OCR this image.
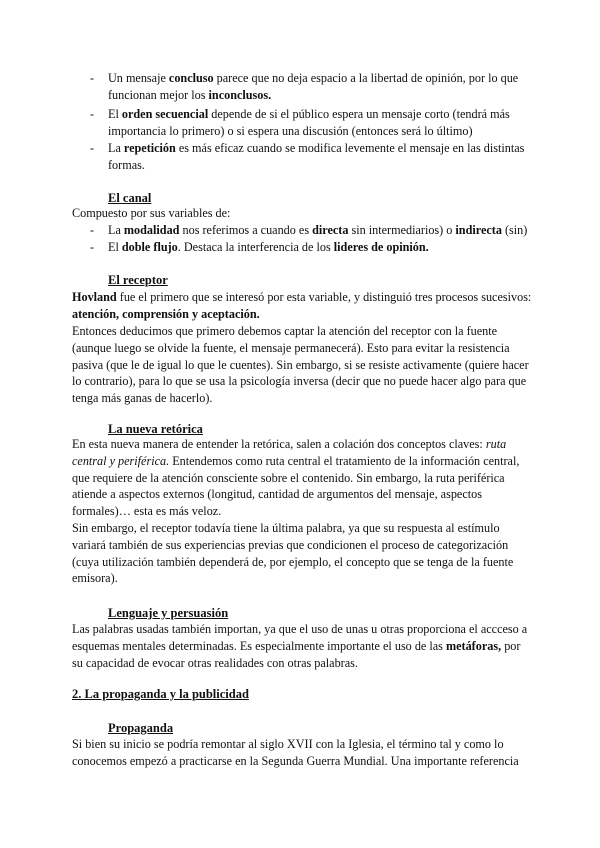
- Un mensaje concluso parece que no deja espacio a la libertad de opinión, por lo que funcionan mejor los inconclusos.
- El orden secuencial depende de si el público espera un mensaje corto (tendrá más importancia lo primero) o si espera una discusión (entonces será lo último)
- La repetición es más eficaz cuando se modifica levemente el mensaje en las distintas formas.
El canal
Compuesto por sus variables de:
- La modalidad nos referimos a cuando es directa sin intermediarios) o indirecta (sin)
- El doble flujo. Destaca la interferencia de los lideres de opinión.
El receptor
Hovland fue el primero que se interesó por esta variable, y distinguió tres procesos sucesivos: atención, comprensión y aceptación.
Entonces deducimos que primero debemos captar la atención del receptor con la fuente (aunque luego se olvide la fuente, el mensaje permanecerá). Esto para evitar la resistencia pasiva (que le de igual lo que le cuentes). Sin embargo, si se resiste activamente (quiere hacer lo contrario), para lo que se usa la psicología inversa (decir que no puede hacer algo para que tenga más ganas de hacerlo).
La nueva retórica
En esta nueva manera de entender la retórica, salen a colación dos conceptos claves: ruta central y periférica. Entendemos como ruta central el tratamiento de la información central, que requiere de la atención consciente sobre el contenido. Sin embargo, la ruta periférica atiende a aspectos externos (longitud, cantidad de argumentos del mensaje, aspectos formales)… esta es más veloz.
Sin embargo, el receptor todavía tiene la última palabra, ya que su respuesta al estímulo variará también de sus experiencias previas que condicionen el proceso de categorización (cuya utilización también dependerá de, por ejemplo, el concepto que se tenga de la fuente emisora).
Lenguaje y persuasión
Las palabras usadas también importan, ya que el uso de unas u otras proporciona el accceso a esquemas mentales determinadas. Es especialmente importante el uso de las metáforas, por su capacidad de evocar otras realidades con otras palabras.
2. La propaganda y la publicidad
Propaganda
Si bien su inicio se podría remontar al siglo XVII con la Iglesia, el término tal y como lo conocemos empezó a practicarse en la Segunda Guerra Mundial. Una importante referencia
